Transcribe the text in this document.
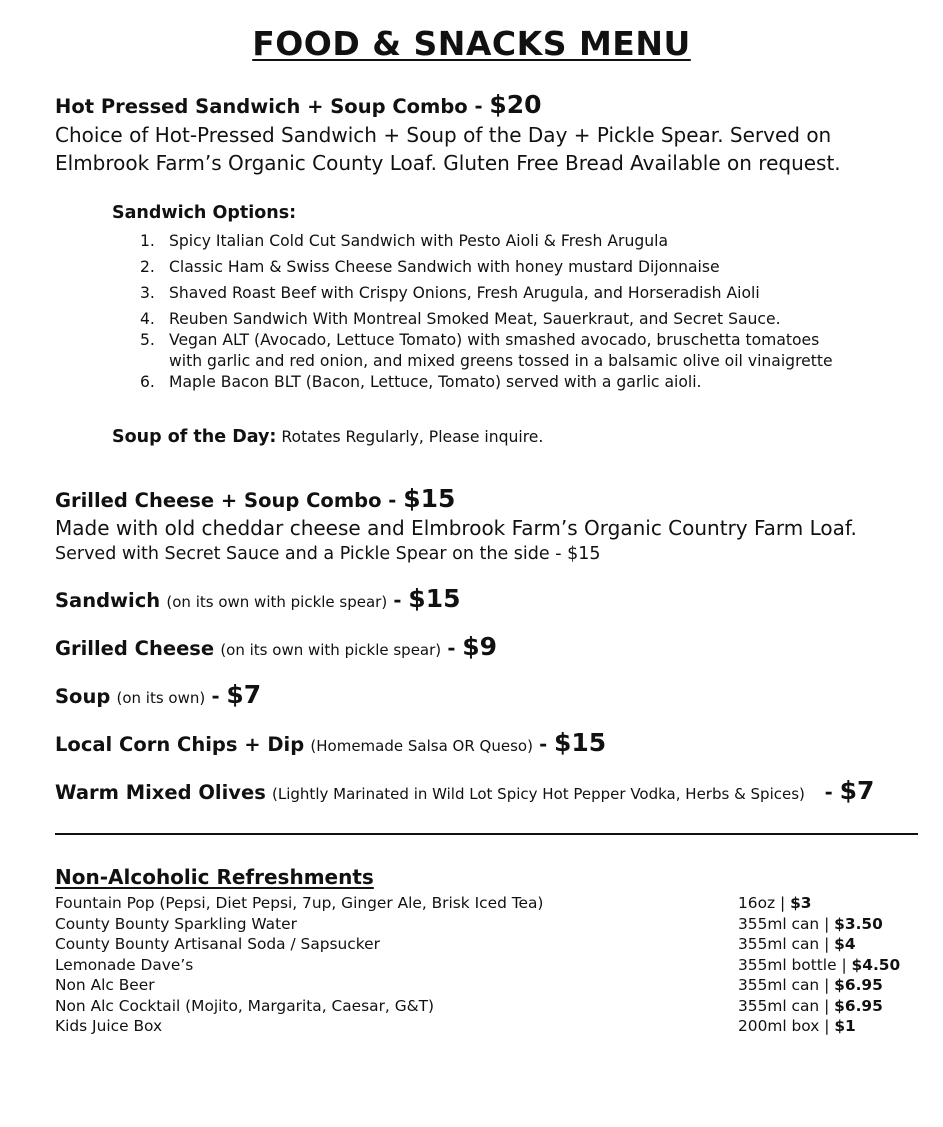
FOOD & SNACKS MENU
Hot Pressed Sandwich + Soup Combo - $20
Choice of Hot-Pressed Sandwich + Soup of the Day + Pickle Spear. Served on
Elmbrook Farm’s Organic County Loaf. Gluten Free Bread Available on request.
Sandwich Options:
1. Spicy Italian Cold Cut Sandwich with Pesto Aioli & Fresh Arugula
2. Classic Ham & Swiss Cheese Sandwich with honey mustard Dijonnaise
3. Shaved Roast Beef with Crispy Onions, Fresh Arugula, and Horseradish Aioli
4. Reuben Sandwich With Montreal Smoked Meat, Sauerkraut, and Secret Sauce.
5. Vegan ALT (Avocado, Lettuce Tomato) with smashed avocado, bruschetta tomatoes
with garlic and red onion, and mixed greens tossed in a balsamic olive oil vinaigrette
6. Maple Bacon BLT (Bacon, Lettuce, Tomato) served with a garlic aioli.
Soup of the Day: Rotates Regularly, Please inquire.
Grilled Cheese + Soup Combo - $15
Made with old cheddar cheese and Elmbrook Farm’s Organic Country Farm Loaf.
Served with Secret Sauce and a Pickle Spear on the side - $15
Sandwich (on its own with pickle spear) - $15
Grilled Cheese (on its own with pickle spear) - $9
Soup (on its own) - $7
Local Corn Chips + Dip (Homemade Salsa OR Queso) - $15
Warm Mixed Olives (Lightly Marinated in Wild Lot Spicy Hot Pepper Vodka, Herbs & Spices)   - $7
Non-Alcoholic Refreshments
Fountain Pop (Pepsi, Diet Pepsi, 7up, Ginger Ale, Brisk Iced Tea)	16oz | $3
County Bounty Sparkling Water	355ml can | $3.50
County Bounty Artisanal Soda / Sapsucker	355ml can | $4
Lemonade Dave’s	355ml bottle | $4.50
Non Alc Beer	355ml can | $6.95
Non Alc Cocktail (Mojito, Margarita, Caesar, G&T)	355ml can | $6.95
Kids Juice Box	200ml box | $1
